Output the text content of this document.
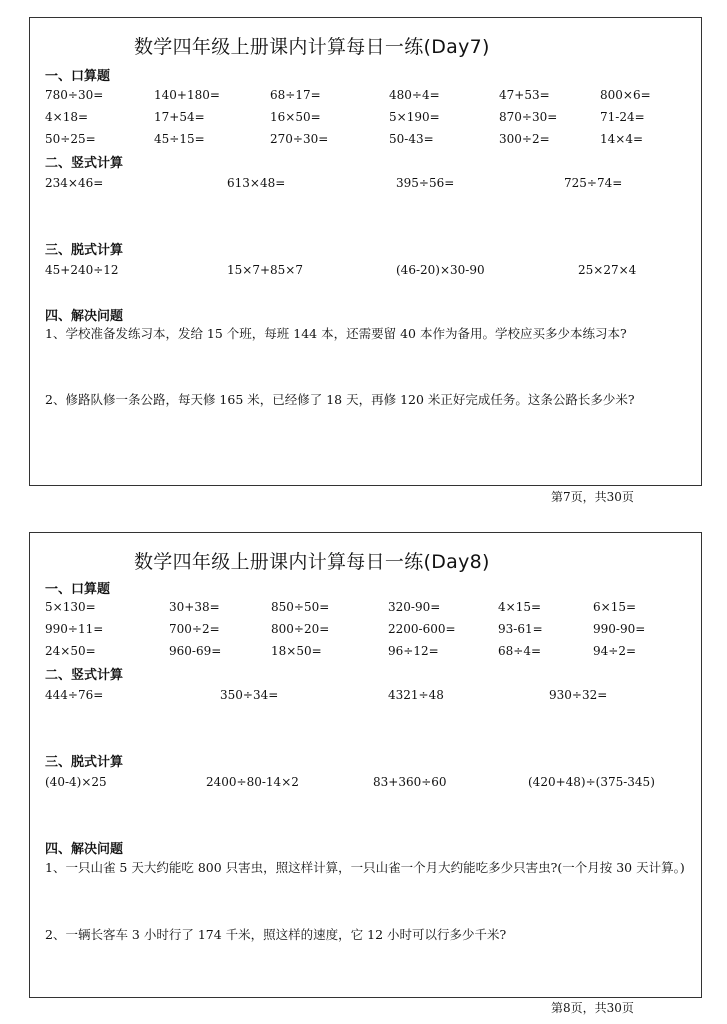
数学四年级上册课内计算每日一练(Day7)
一、口算题
780÷30=	140+180=	68÷17=	480÷4=	47+53=	800×6=
4×18=	17+54=	16×50=	5×190=	870÷30=	71-24=
50÷25=	45÷15=	270÷30=	50-43=	300÷2=	14×4=
二、竖式计算
234×46=	613×48=	395÷56=	725÷74=
三、脱式计算
45+240÷12	15×7+85×7	(46-20)×30-90	25×27×4
四、解决问题
1、学校准备发练习本，发给 15 个班，每班 144 本，还需要留 40 本作为备用。学校应买多少本练习本?
2、修路队修一条公路，每天修 165 米，已经修了 18 天，再修 120 米正好完成任务。这条公路长多少米?
第7页，共30页
数学四年级上册课内计算每日一练(Day8)
一、口算题
5×130=	30+38=	850÷50=	320-90=	4×15=	6×15=
990÷11=	700÷2=	800÷20=	2200-600=	93-61=	990-90=
24×50=	960-69=	18×50=	96÷12=	68÷4=	94÷2=
二、竖式计算
444÷76=	350÷34=	4321÷48	930÷32=
三、脱式计算
(40-4)×25	2400÷80-14×2	83+360÷60	(420+48)÷(375-345)
四、解决问题
1、一只山雀 5 天大约能吃 800 只害虫，照这样计算，一只山雀一个月大约能吃多少只害虫?(一个月按 30 天计算。)
2、一辆长客车 3 小时行了 174 千米，照这样的速度，它 12 小时可以行多少千米?
第8页，共30页
